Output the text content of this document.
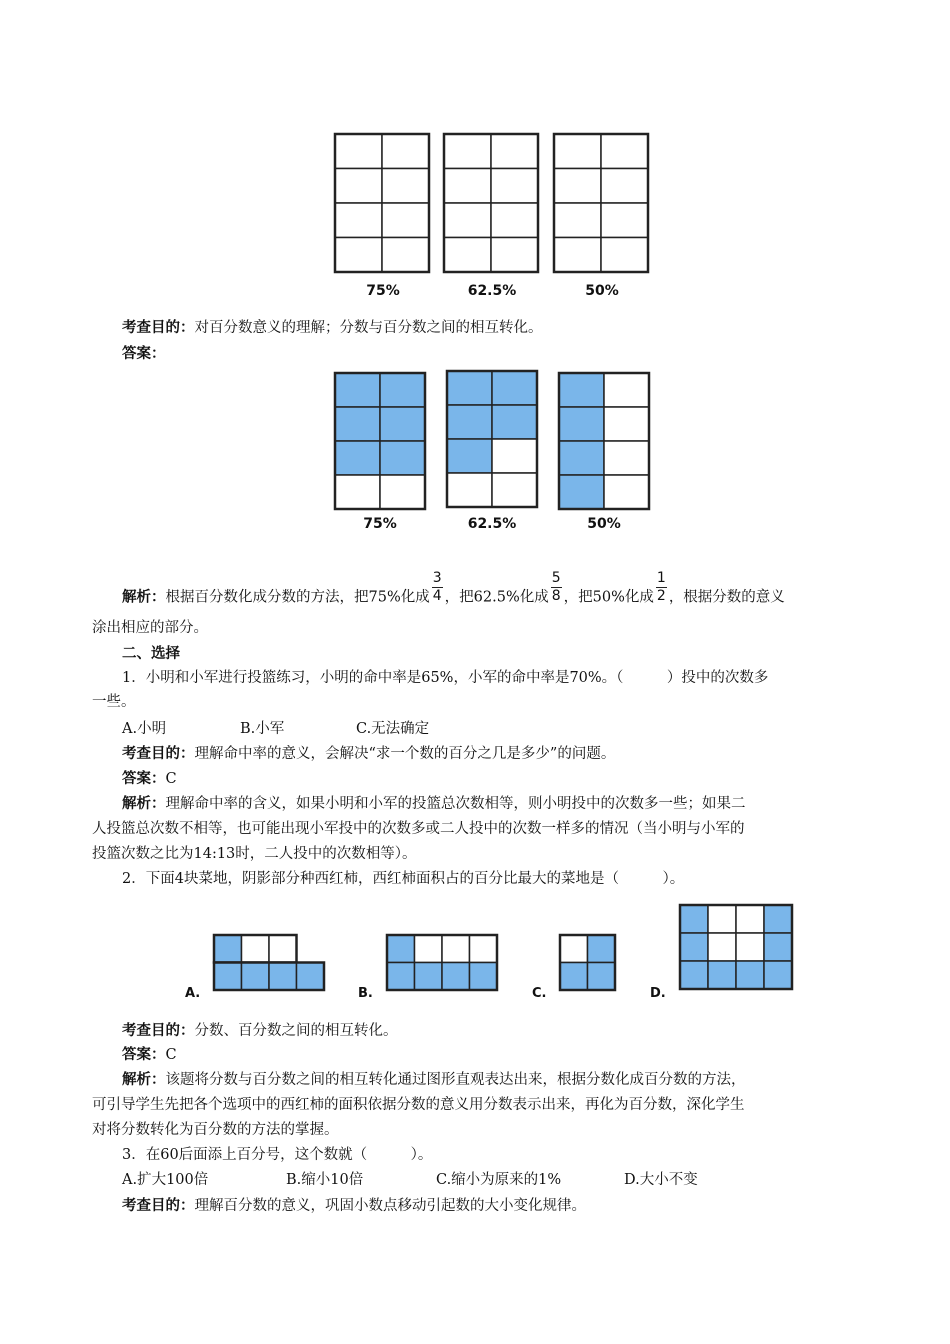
75%	62.5%	50%
考查目的：对百分数意义的理解；分数与百分数之间的相互转化。
答案：
75%	62.5%	50%
解析：根据百分数化成分数的方法，把75%化成 $\frac{3}{4}$ ，把62.5%化成 $\frac{5}{8}$ ，把50%化成 $\frac{1}{2}$ ，根据分数的意义
涂出相应的部分。
二、选择
1．小明和小军进行投篮练习，小明的命中率是65%，小军的命中率是70%。（　　　）投中的次数多
一些。
A.小明	B.小军	C.无法确定
考查目的：理解命中率的意义，会解决“求一个数的百分之几是多少”的问题。
答案：C
解析：理解命中率的含义，如果小明和小军的投篮总次数相等，则小明投中的次数多一些；如果二
人投篮总次数不相等，也可能出现小军投中的次数多或二人投中的次数一样多的情况（当小明与小军的
投篮次数之比为14:13时，二人投中的次数相等）。
2．下面4块菜地，阴影部分种西红柿，西红柿面积占的百分比最大的菜地是（　　　）。
A.	B.	C.	D.
考查目的：分数、百分数之间的相互转化。
答案：C
解析：该题将分数与百分数之间的相互转化通过图形直观表达出来，根据分数化成百分数的方法，
可引导学生先把各个选项中的西红柿的面积依据分数的意义用分数表示出来，再化为百分数，深化学生
对将分数转化为百分数的方法的掌握。
3．在60后面添上百分号，这个数就（　　　）。
A.扩大100倍	B.缩小10倍	C.缩小为原来的1%	D.大小不变
考查目的：理解百分数的意义，巩固小数点移动引起数的大小变化规律。
